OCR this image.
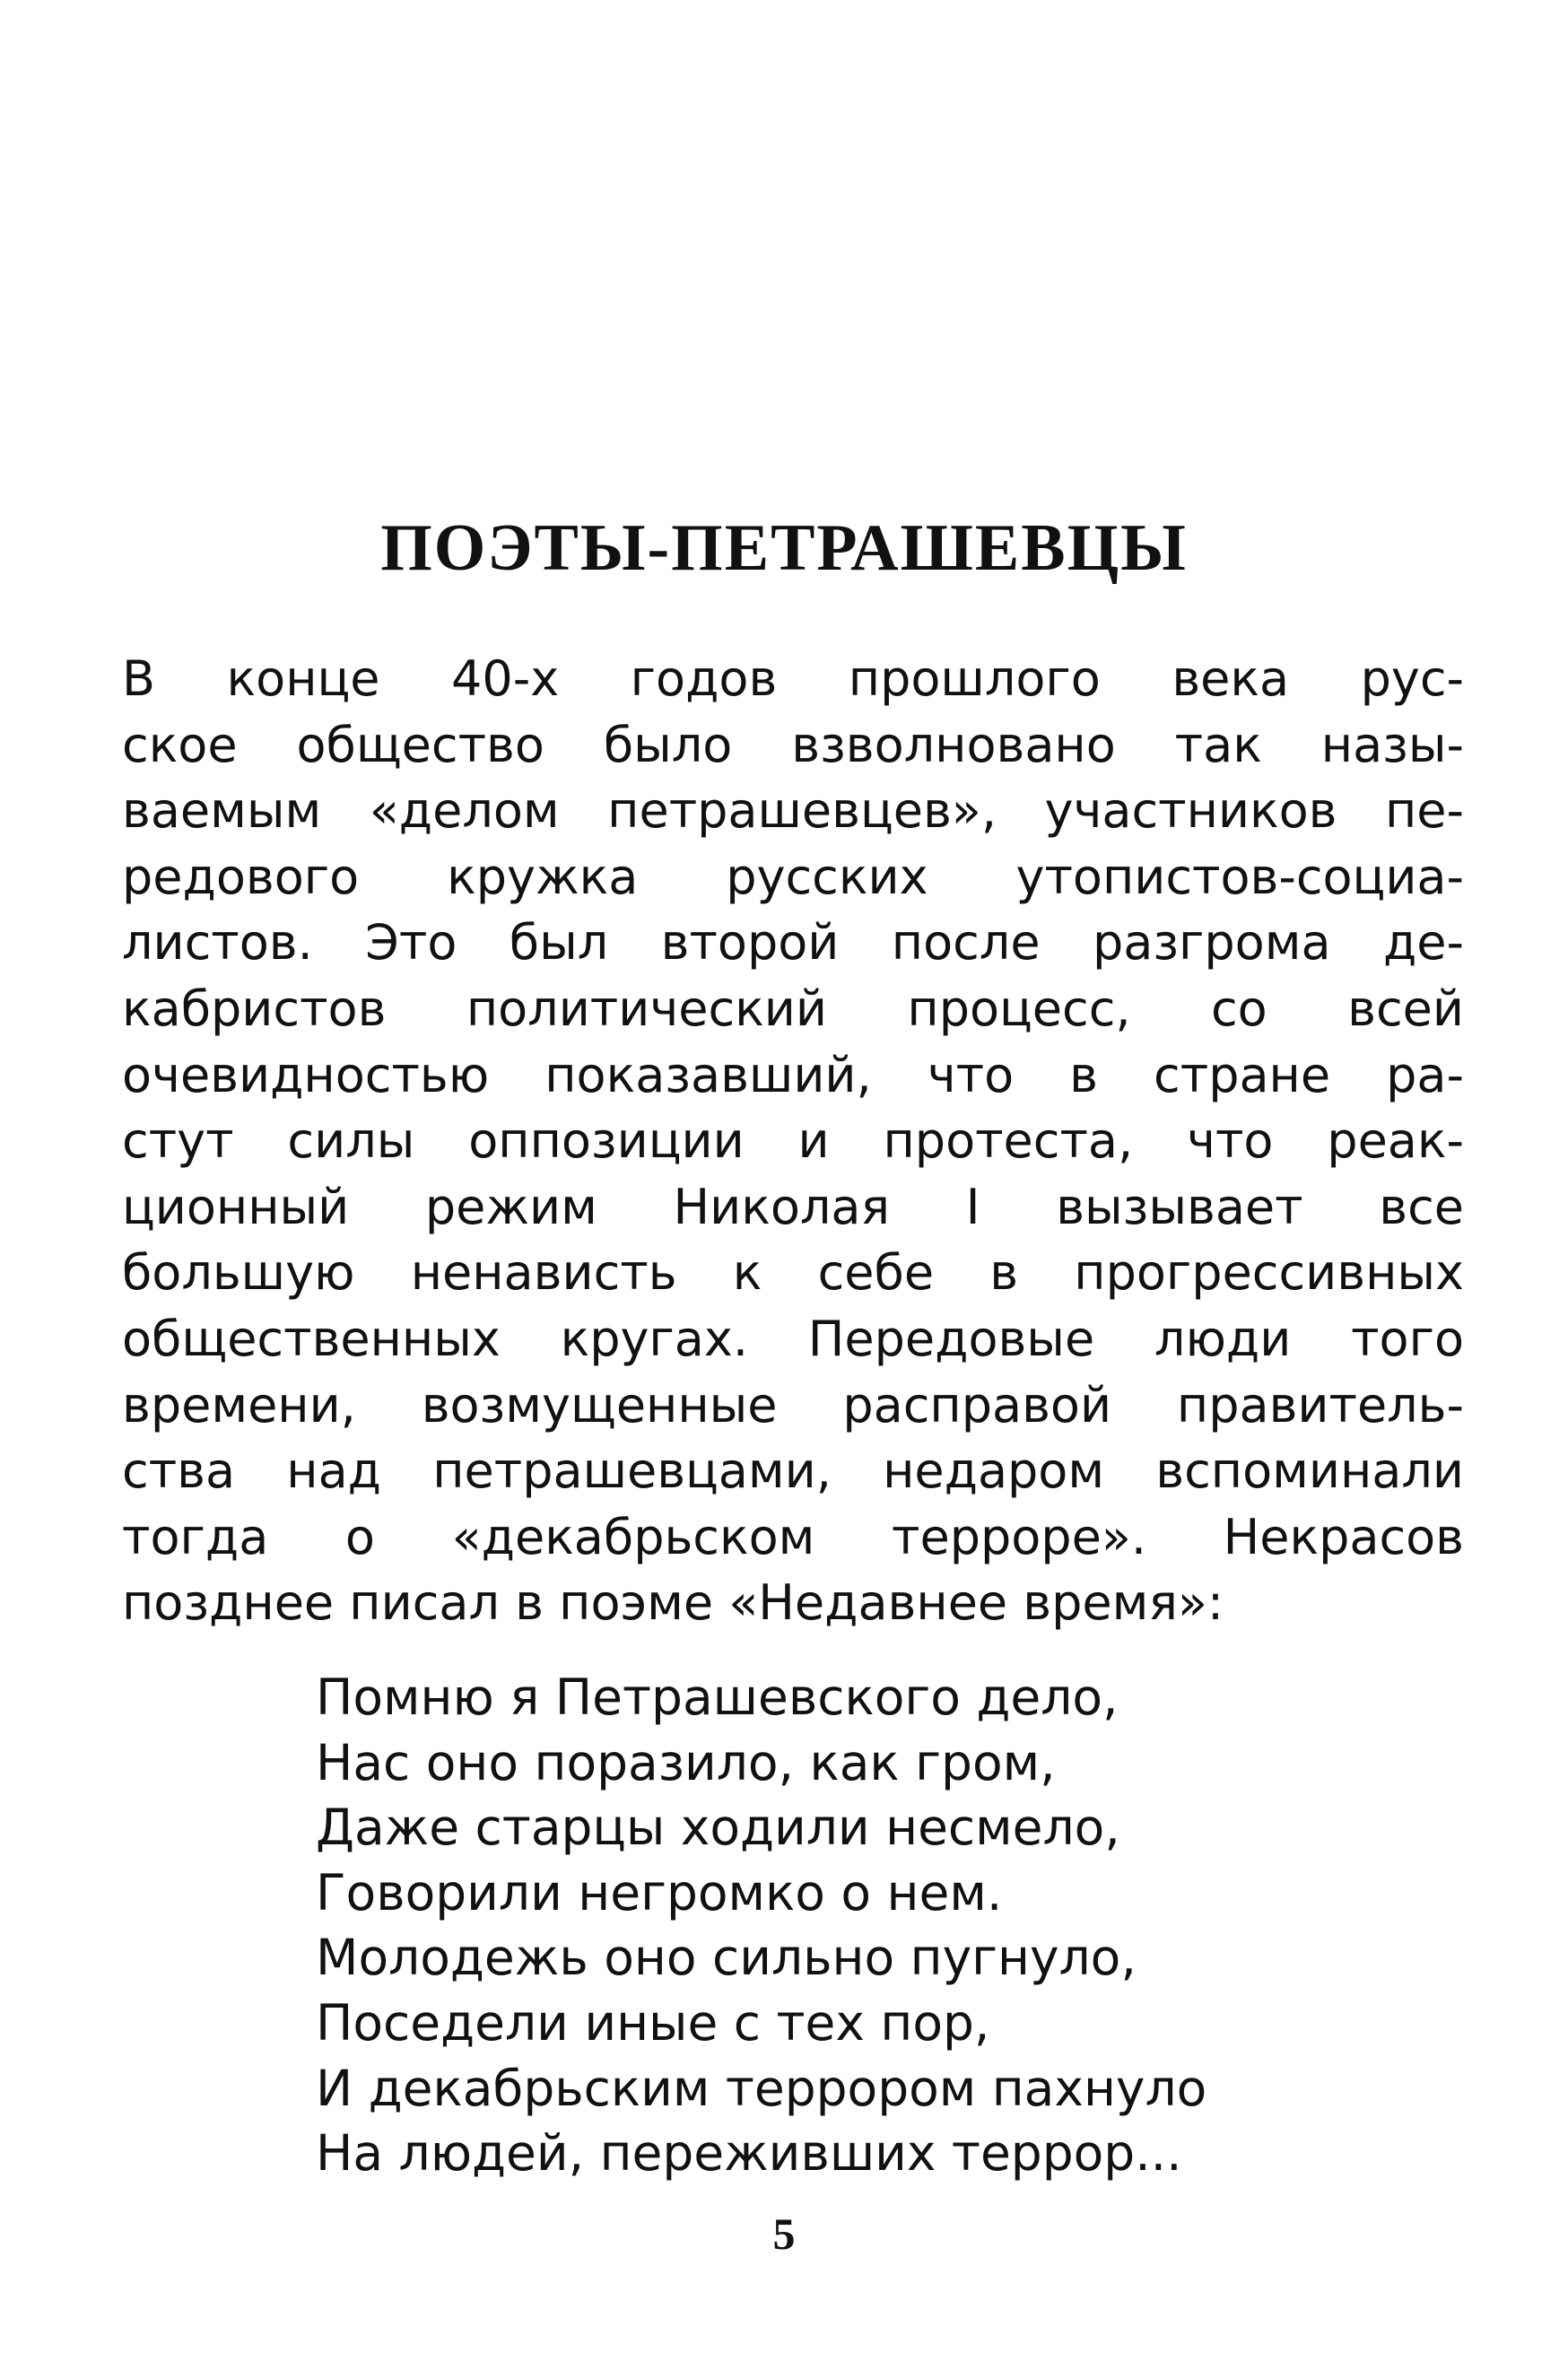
ПОЭТЫ-ПЕТРАШЕВЦЫ
В конце 40-х годов прошлого века рус-
ское общество было взволновано так назы-
ваемым «делом петрашевцев», участников пе-
редового кружка русских утопистов-социа-
листов. Это был второй после разгрома де-
кабристов политический процесс, со всей
очевидностью показавший, что в стране ра-
стут силы оппозиции и протеста, что реак-
ционный режим Николая I вызывает все
большую ненависть к себе в прогрессивных
общественных кругах. Передовые люди того
времени, возмущенные расправой правитель-
ства над петрашевцами, недаром вспоминали
тогда о «декабрьском терроре». Некрасов
позднее писал в поэме «Недавнее время»:
Помню я Петрашевского дело,
Нас оно поразило, как гром,
Даже старцы ходили несмело,
Говорили негромко о нем.
Молодежь оно сильно пугнуло,
Поседели иные с тех пор,
И декабрьским террором пахнуло
На людей, переживших террор...
5
